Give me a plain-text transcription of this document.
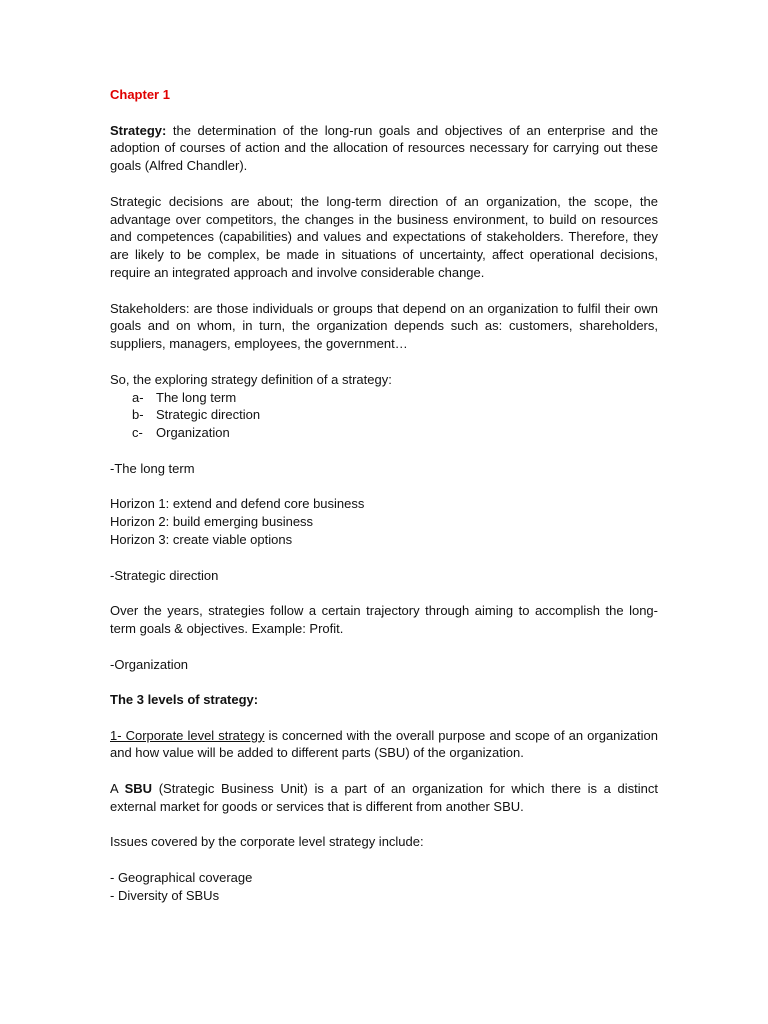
Chapter 1

Strategy: the determination of the long-run goals and objectives of an enterprise and the adoption of courses of action and the allocation of resources necessary for carrying out these goals (Alfred Chandler).

Strategic decisions are about; the long-term direction of an organization, the scope, the advantage over competitors, the changes in the business environment, to build on resources and competences (capabilities) and values and expectations of stakeholders. Therefore, they are likely to be complex, be made in situations of uncertainty, affect operational decisions, require an integrated approach and involve considerable change.

Stakeholders: are those individuals or groups that depend on an organization to fulfil their own goals and on whom, in turn, the organization depends such as: customers, shareholders, suppliers, managers, employees, the government…

So, the exploring strategy definition of a strategy:

a- The long term
b- Strategic direction
c-	Organization

-The long term

Horizon 1: extend and defend core business

Horizon 2: build emerging business

Horizon 3: create viable options

-Strategic direction

Over the years, strategies follow a certain trajectory through aiming to accomplish the long-term goals & objectives. Example: Profit.

-Organization

The 3 levels of strategy:

1- Corporate level strategy is concerned with the overall purpose and scope of an organization and how value will be added to different parts (SBU) of the organization.

A SBU (Strategic Business Unit) is a part of an organization for which there is a distinct external market for goods or services that is different from another SBU.

Issues covered by the corporate level strategy include:

- Geographical coverage

- Diversity of SBUs
